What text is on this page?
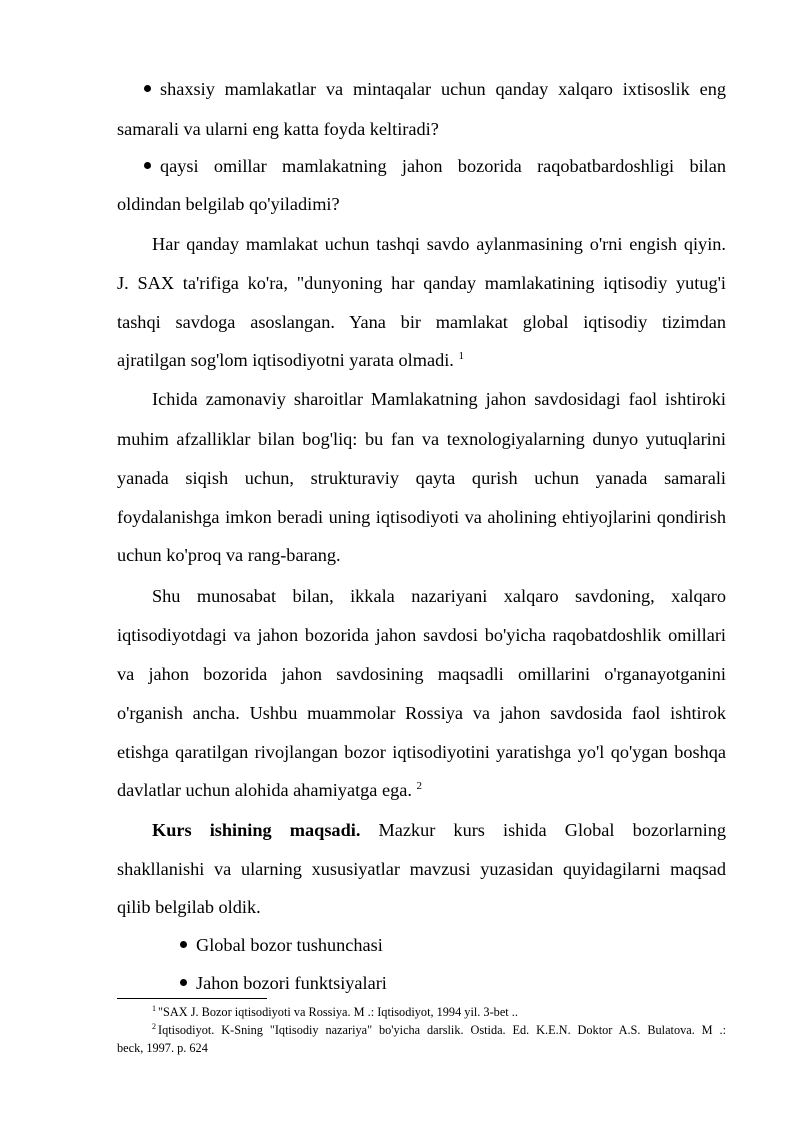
shaxsiy mamlakatlar va mintaqalar uchun qanday xalqaro ixtisoslik eng
samarali va ularni eng katta foyda keltiradi?
qaysi omillar mamlakatning jahon bozorida raqobatbardoshligi bilan
oldindan belgilab qo'yiladimi?
Har qanday mamlakat uchun tashqi savdo aylanmasining o'rni engish qiyin.
J. SAX ta'rifiga ko'ra, "dunyoning har qanday mamlakatining iqtisodiy yutug'i
tashqi savdoga asoslangan. Yana bir mamlakat global iqtisodiy tizimdan
ajratilgan sog'lom iqtisodiyotni yarata olmadi. $^1$
Ichida zamonaviy sharoitlar Mamlakatning jahon savdosidagi faol ishtiroki
muhim afzalliklar bilan bog'liq: bu fan va texnologiyalarning dunyo yutuqlarini
yanada siqish uchun, strukturaviy qayta qurish uchun yanada samarali
foydalanishga imkon beradi uning iqtisodiyoti va aholining ehtiyojlarini qondirish
uchun ko'proq va rang-barang.
Shu munosabat bilan, ikkala nazariyani xalqaro savdoning, xalqaro
iqtisodiyotdagi va jahon bozorida jahon savdosi bo'yicha raqobatdoshlik omillari
va jahon bozorida jahon savdosining maqsadli omillarini o'rganayotganini
o'rganish ancha. Ushbu muammolar Rossiya va jahon savdosida faol ishtirok
etishga qaratilgan rivojlangan bozor iqtisodiyotini yaratishga yo'l qo'ygan boshqa
davlatlar uchun alohida ahamiyatga ega. $^2$
Kurs ishining maqsadi. Mazkur kurs ishida Global bozorlarning
shakllanishi va ularning xususiyatlar mavzusi yuzasidan quyidagilarni maqsad
qilib belgilab oldik.
Global bozor tushunchasi
Jahon bozori funktsiyalari
$^1$ "SAX J. Bozor iqtisodiyoti va Rossiya. M .: Iqtisodiyot, 1994 yil. 3-bet ..
$^2$ Iqtisodiyot. K-Sning "Iqtisodiy nazariya" bo'yicha darslik. Ostida. Ed. K.E.N. Doktor A.S. Bulatova. M .:
beck, 1997. p. 624
